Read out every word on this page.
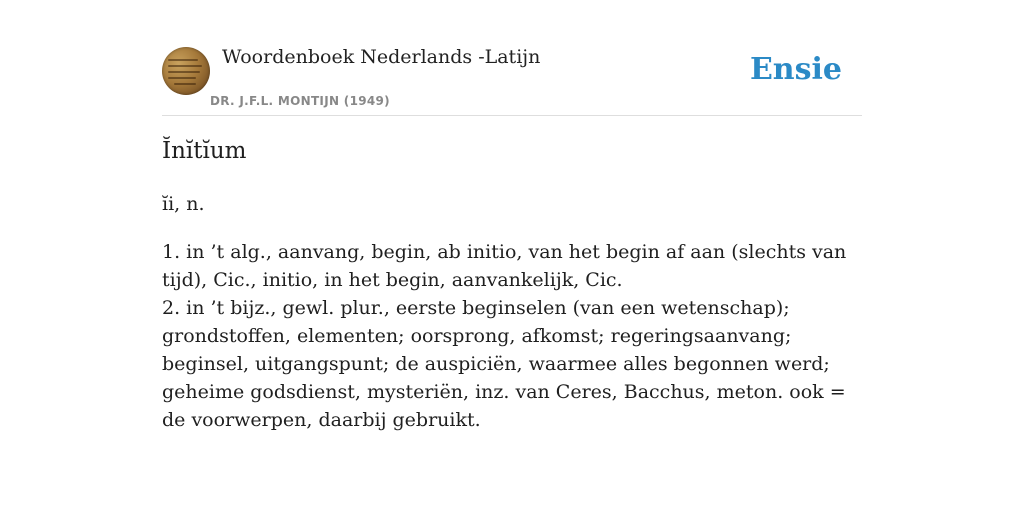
Woordenboek Nederlands -Latijn
DR. J.F.L. MONTIJN (1949)
Ensie
Ĭnĭtĭum
ĭi, n.

1. in ’t alg., aanvang, begin, ab initio, van het begin af aan (slechts van tijd), Cic., initio, in het begin, aanvankelijk, Cic.

2. in ’t bijz., gewl. plur., eerste beginselen (van een wetenschap); grondstoffen, elementen; oorsprong, afkomst; regeringsaanvang; beginsel, uitgangspunt; de auspiciën, waarmee alles begonnen werd; geheime godsdienst, mysteriën, inz. van Ceres, Bacchus, meton. ook = de voorwerpen, daarbij gebruikt.
